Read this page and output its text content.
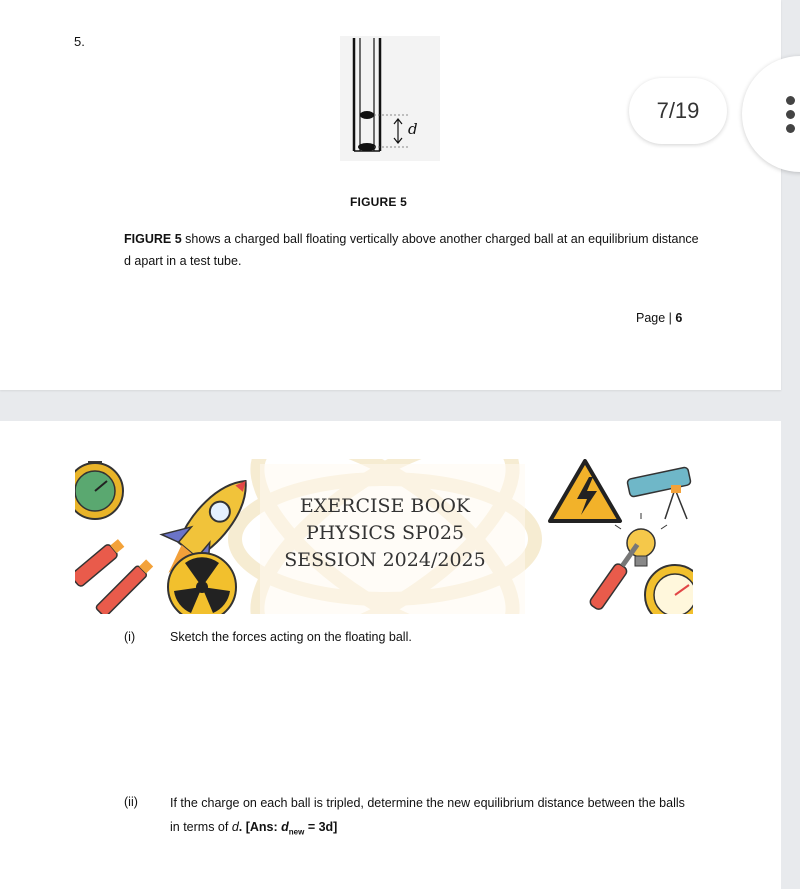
5.
d
FIGURE 5
FIGURE 5 shows a charged ball floating vertically above another charged ball at an equilibrium distance d apart in a test tube.
Page | 6
7/19
EXERCISE BOOK
PHYSICS SP025
SESSION 2024/2025
(i)	Sketch the forces acting on the floating ball.
(ii)	If the charge on each ball is tripled, determine the new equilibrium distance between the balls in terms of d. [Ans: $d_{new} = 3d$]
